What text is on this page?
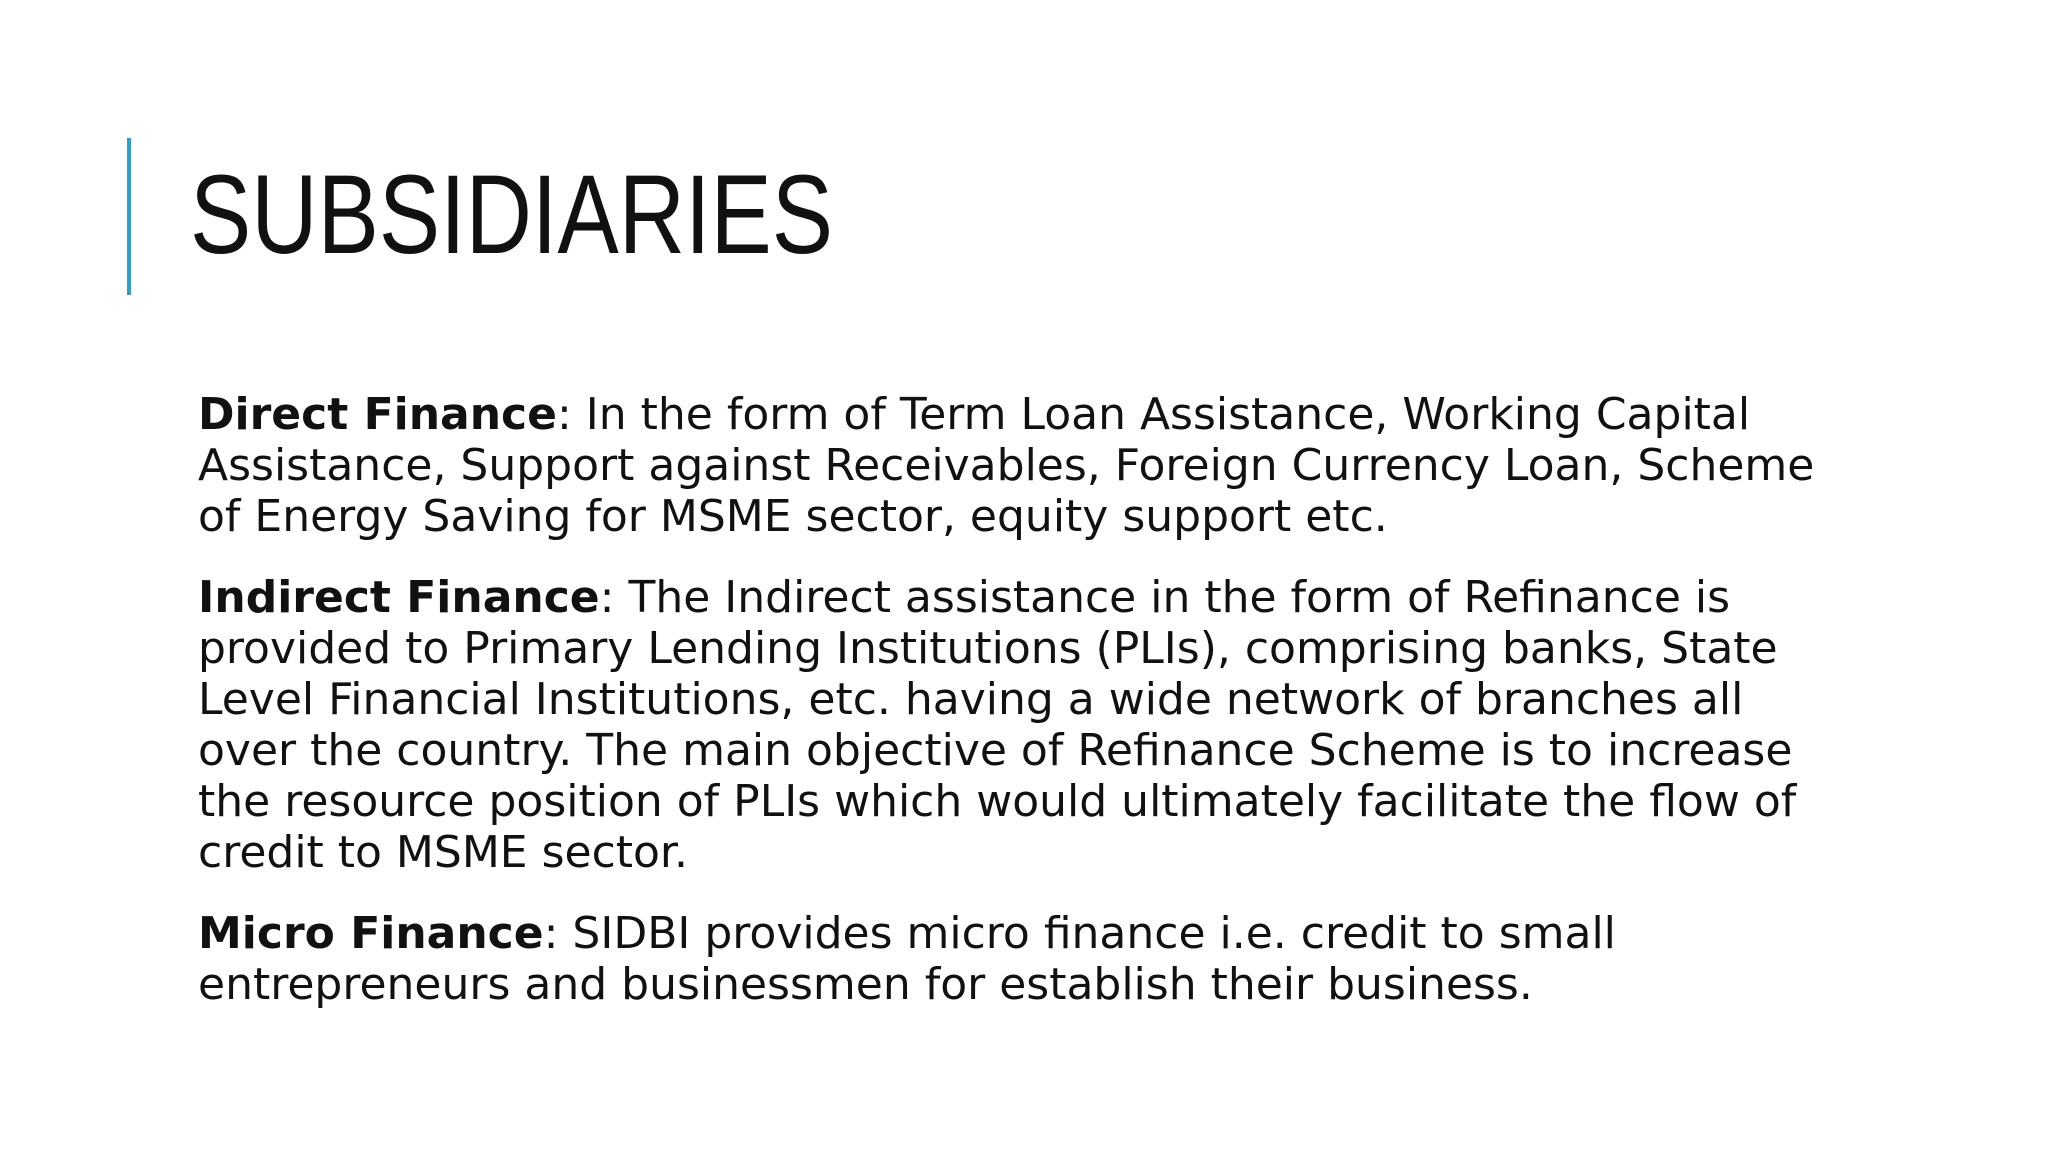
SUBSIDIARIES

Direct Finance: In the form of Term Loan Assistance, Working Capital Assistance, Support against Receivables, Foreign Currency Loan, Scheme of Energy Saving for MSME sector, equity support etc.

Indirect Finance: The Indirect assistance in the form of Refinance is provided to Primary Lending Institutions (PLIs), comprising banks, State Level Financial Institutions, etc. having a wide network of branches all over the country. The main objective of Refinance Scheme is to increase the resource position of PLIs which would ultimately facilitate the flow of credit to MSME sector.

Micro Finance: SIDBI provides micro finance i.e. credit to small entrepreneurs and businessmen for establish their business.
